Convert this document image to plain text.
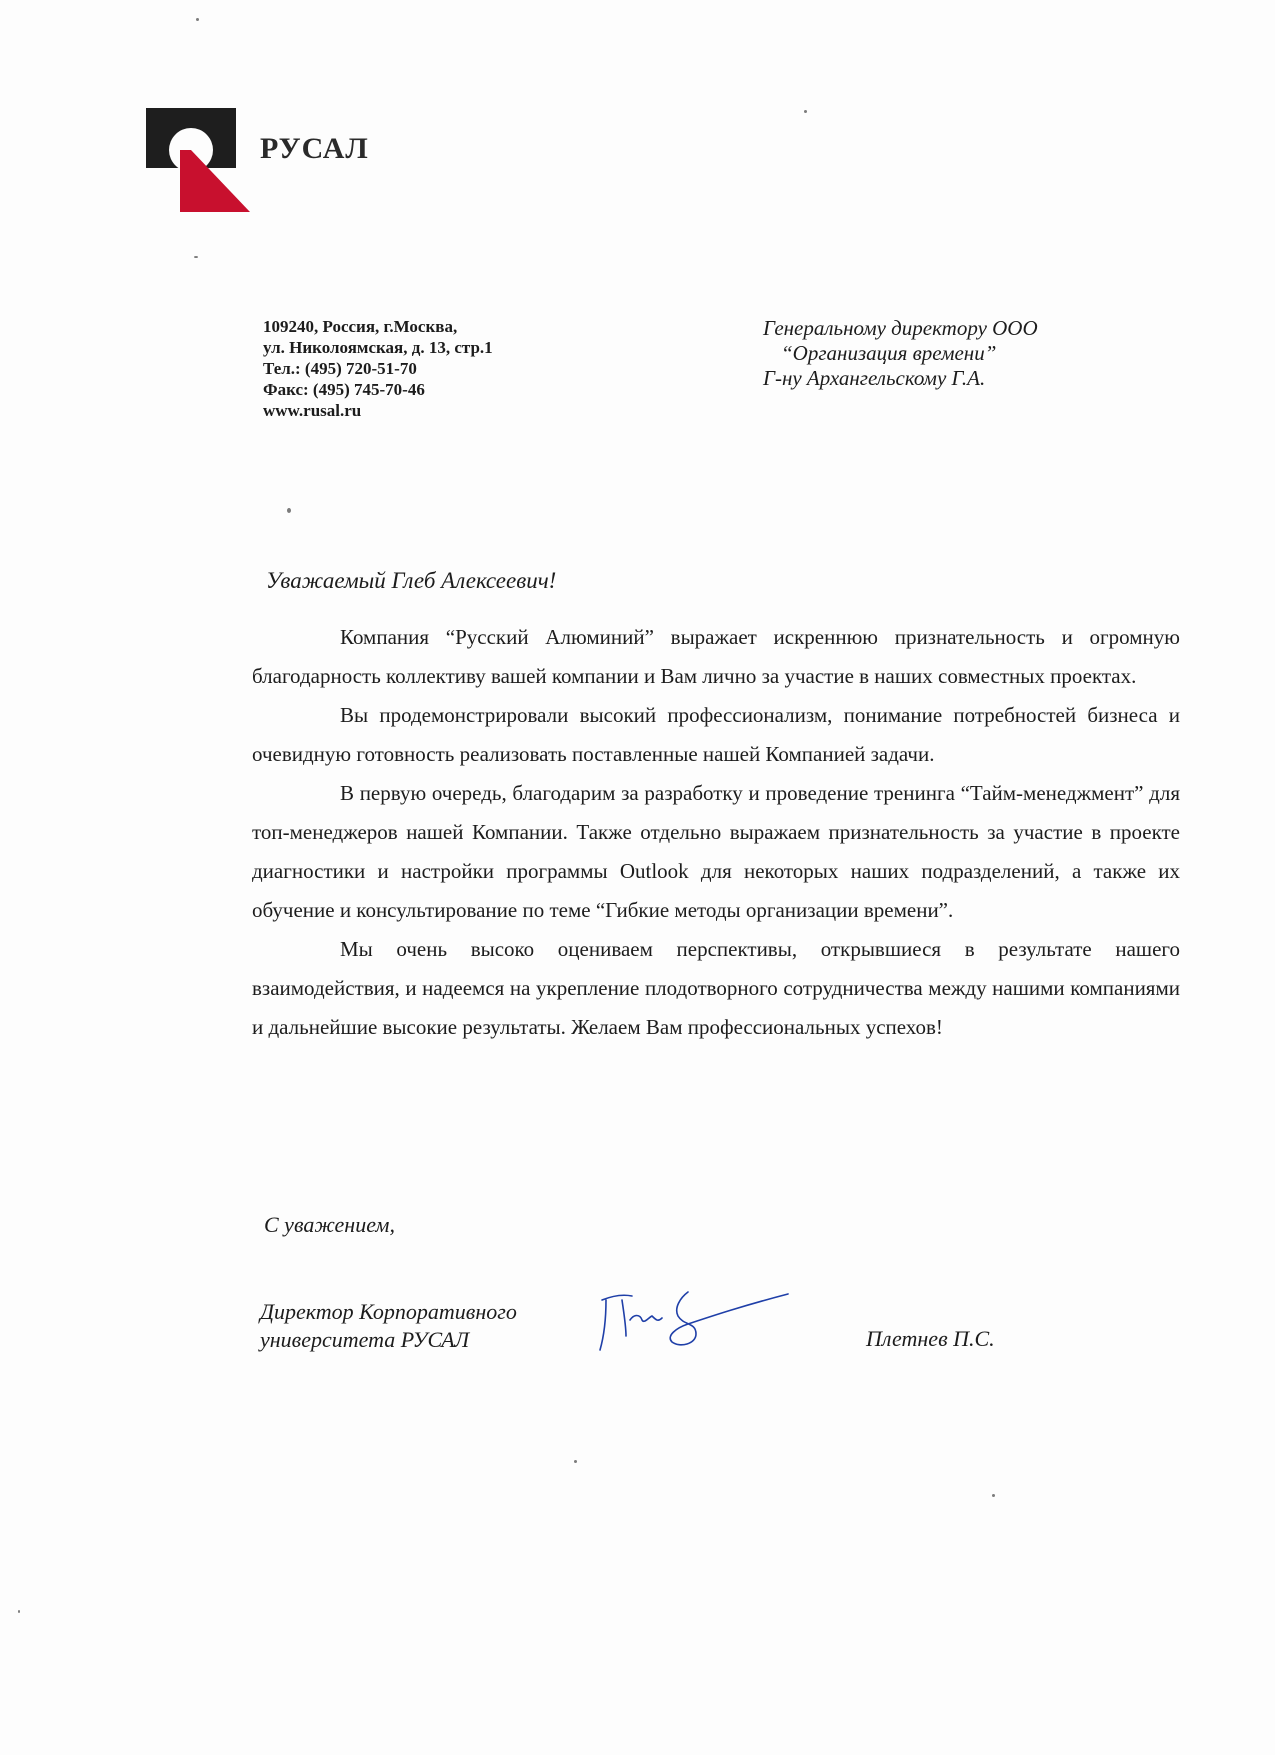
РУСАЛ
109240, Россия, г.Москва,
ул. Николоямская, д. 13, стр.1
Тел.: (495) 720-51-70
Факс: (495) 745-70-46
www.rusal.ru
Генеральному директору ООО
“Организация времени”
Г-ну Архангельскому Г.А.
Уважаемый Глеб Алексеевич!

Компания “Русский Алюминий” выражает искреннюю признательность и огромную благодарность коллективу вашей компании и Вам лично за участие в наших совместных проектах.

Вы продемонстрировали высокий профессионализм, понимание потребностей бизнеса и очевидную готовность реализовать поставленные нашей Компанией задачи.

В первую очередь, благодарим за разработку и проведение тренинга “Тайм-менеджмент” для топ-менеджеров нашей Компании. Также отдельно выражаем признательность за участие в проекте диагностики и настройки программы Outlook для некоторых наших подразделений, а также их обучение и консультирование по теме “Гибкие методы организации времени”.

Мы очень высоко оцениваем перспективы, открывшиеся в результате нашего взаимодействия, и надеемся на укрепление плодотворного сотрудничества между нашими компаниями и дальнейшие высокие результаты. Желаем Вам профессиональных успехов!

С уважением,
Директор Корпоративного
университета РУСАЛ	Плетнев П.С.
